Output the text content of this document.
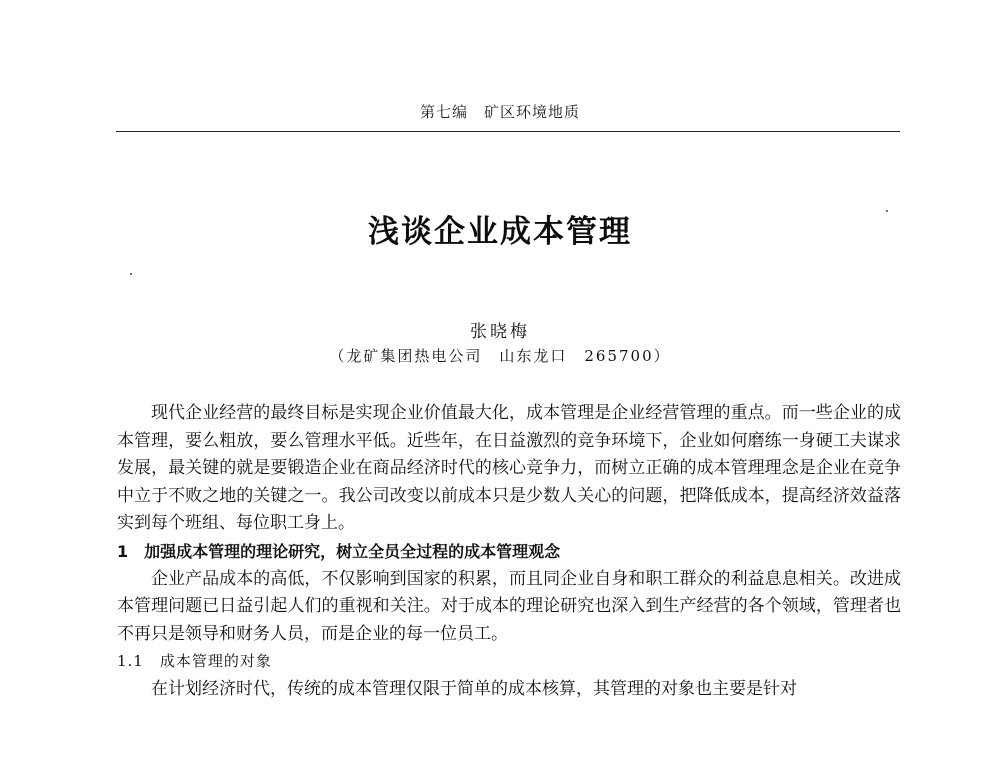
第七编　矿区环境地质
浅谈企业成本管理
张晓梅
（龙矿集团热电公司　山东龙口　265700）

现代企业经营的最终目标是实现企业价值最大化，成本管理是企业经营管理的重点。而一些企业的成本管理，要么粗放，要么管理水平低。近些年，在日益激烈的竞争环境下，企业如何磨练一身硬工夫谋求发展，最关键的就是要锻造企业在商品经济时代的核心竞争力，而树立正确的成本管理理念是企业在竞争中立于不败之地的关键之一。我公司改变以前成本只是少数人关心的问题，把降低成本，提高经济效益落实到每个班组、每位职工身上。

1　加强成本管理的理论研究，树立全员全过程的成本管理观念

企业产品成本的高低，不仅影响到国家的积累，而且同企业自身和职工群众的利益息息相关。改进成本管理问题已日益引起人们的重视和关注。对于成本的理论研究也深入到生产经营的各个领域，管理者也不再只是领导和财务人员，而是企业的每一位员工。

1.1　成本管理的对象

在计划经济时代，传统的成本管理仅限于简单的成本核算，其管理的对象也主要是针对
